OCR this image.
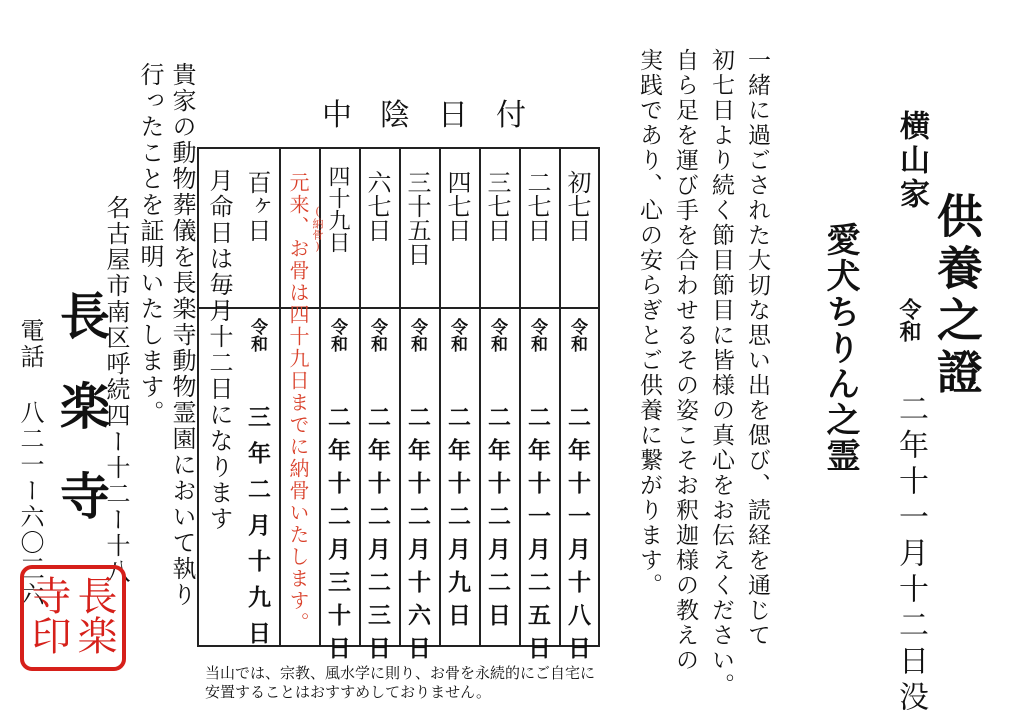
供養之證
横山家
令和
二年十一月十二日没
愛犬ちりん之霊
一緒に過ごされた大切な思い出を偲び、読経を通じて
初七日より続く節目節目に皆様の真心をお伝えください。
自ら足を運び手を合わせるその姿こそお釈迦様の教えの
実践であり、心の安らぎとご供養に繋がります。
中陰日付
初七日
令和
二年十一月十八日
二七日
令和
二年十一月二五日
三七日
令和
二年十二月二日
四七日
令和
二年十二月九日
三十五日
令和
二年十二月十六日
六七日
令和
二年十二月二三日
四十九日
(納骨)
令和
二年十二月三十日
元来、お骨は四十九日までに納骨いたします。
百ヶ日
令和
三年二月十九日
月命日は毎月十二日になります
当山では、宗教、風水学に則り、お骨を永続的にご自宅に
安置することはおすすめしておりません。
貴家の動物葬儀を長楽寺動物霊園において執り
行ったことを証明いたします。
名古屋市南区呼続四ー十二ー十八
長楽寺
電話 八二一ー六〇三六
長楽
寺印
